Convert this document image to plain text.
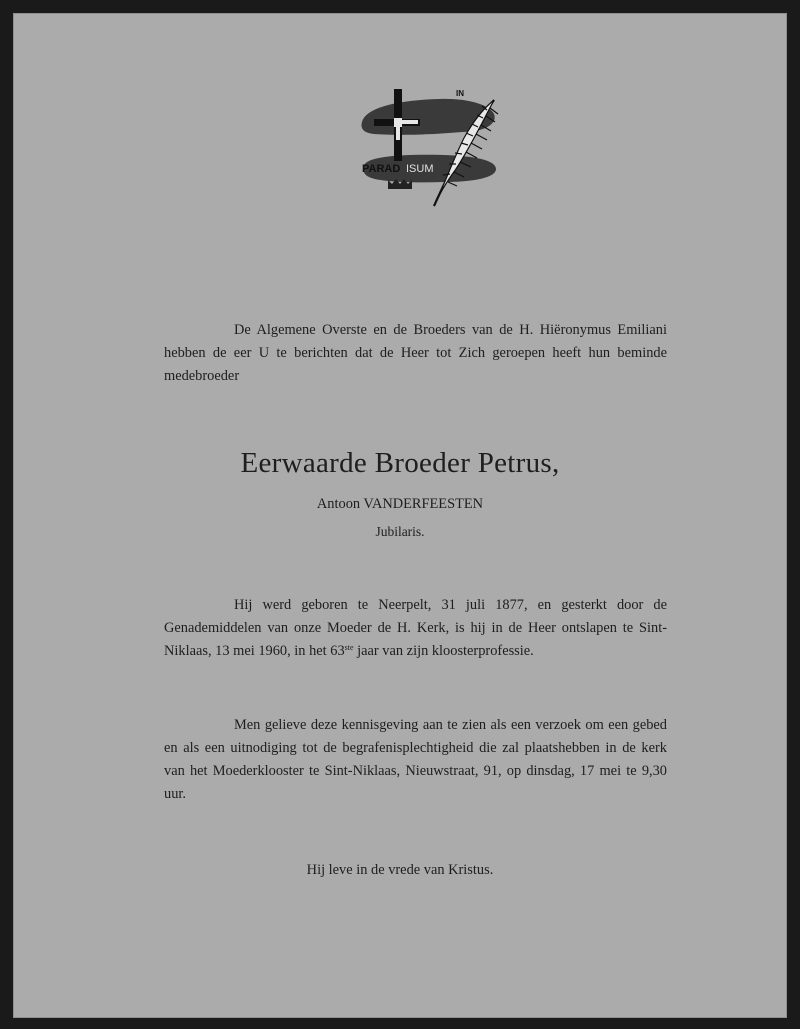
IN
PARAD ISUM

De Algemene Overste en de Broeders van de H. Hiëronymus Emiliani hebben de eer U te berichten dat de Heer tot Zich geroepen heeft hun beminde medebroeder

Eerwaarde Broeder Petrus,

Antoon VANDERFEESTEN

Jubilaris.

Hij werd geboren te Neerpelt, 31 juli 1877, en gesterkt door de Genademiddelen van onze Moeder de H. Kerk, is hij in de Heer ontslapen te Sint-Niklaas, 13 mei 1960, in het 63ste jaar van zijn kloosterprofessie.

Men gelieve deze kennisgeving aan te zien als een verzoek om een gebed en als een uitnodiging tot de begrafenisplechtigheid die zal plaatshebben in de kerk van het Moederklooster te Sint-Niklaas, Nieuwstraat, 91, op dinsdag, 17 mei te 9,30 uur.

Hij leve in de vrede van Kristus.
